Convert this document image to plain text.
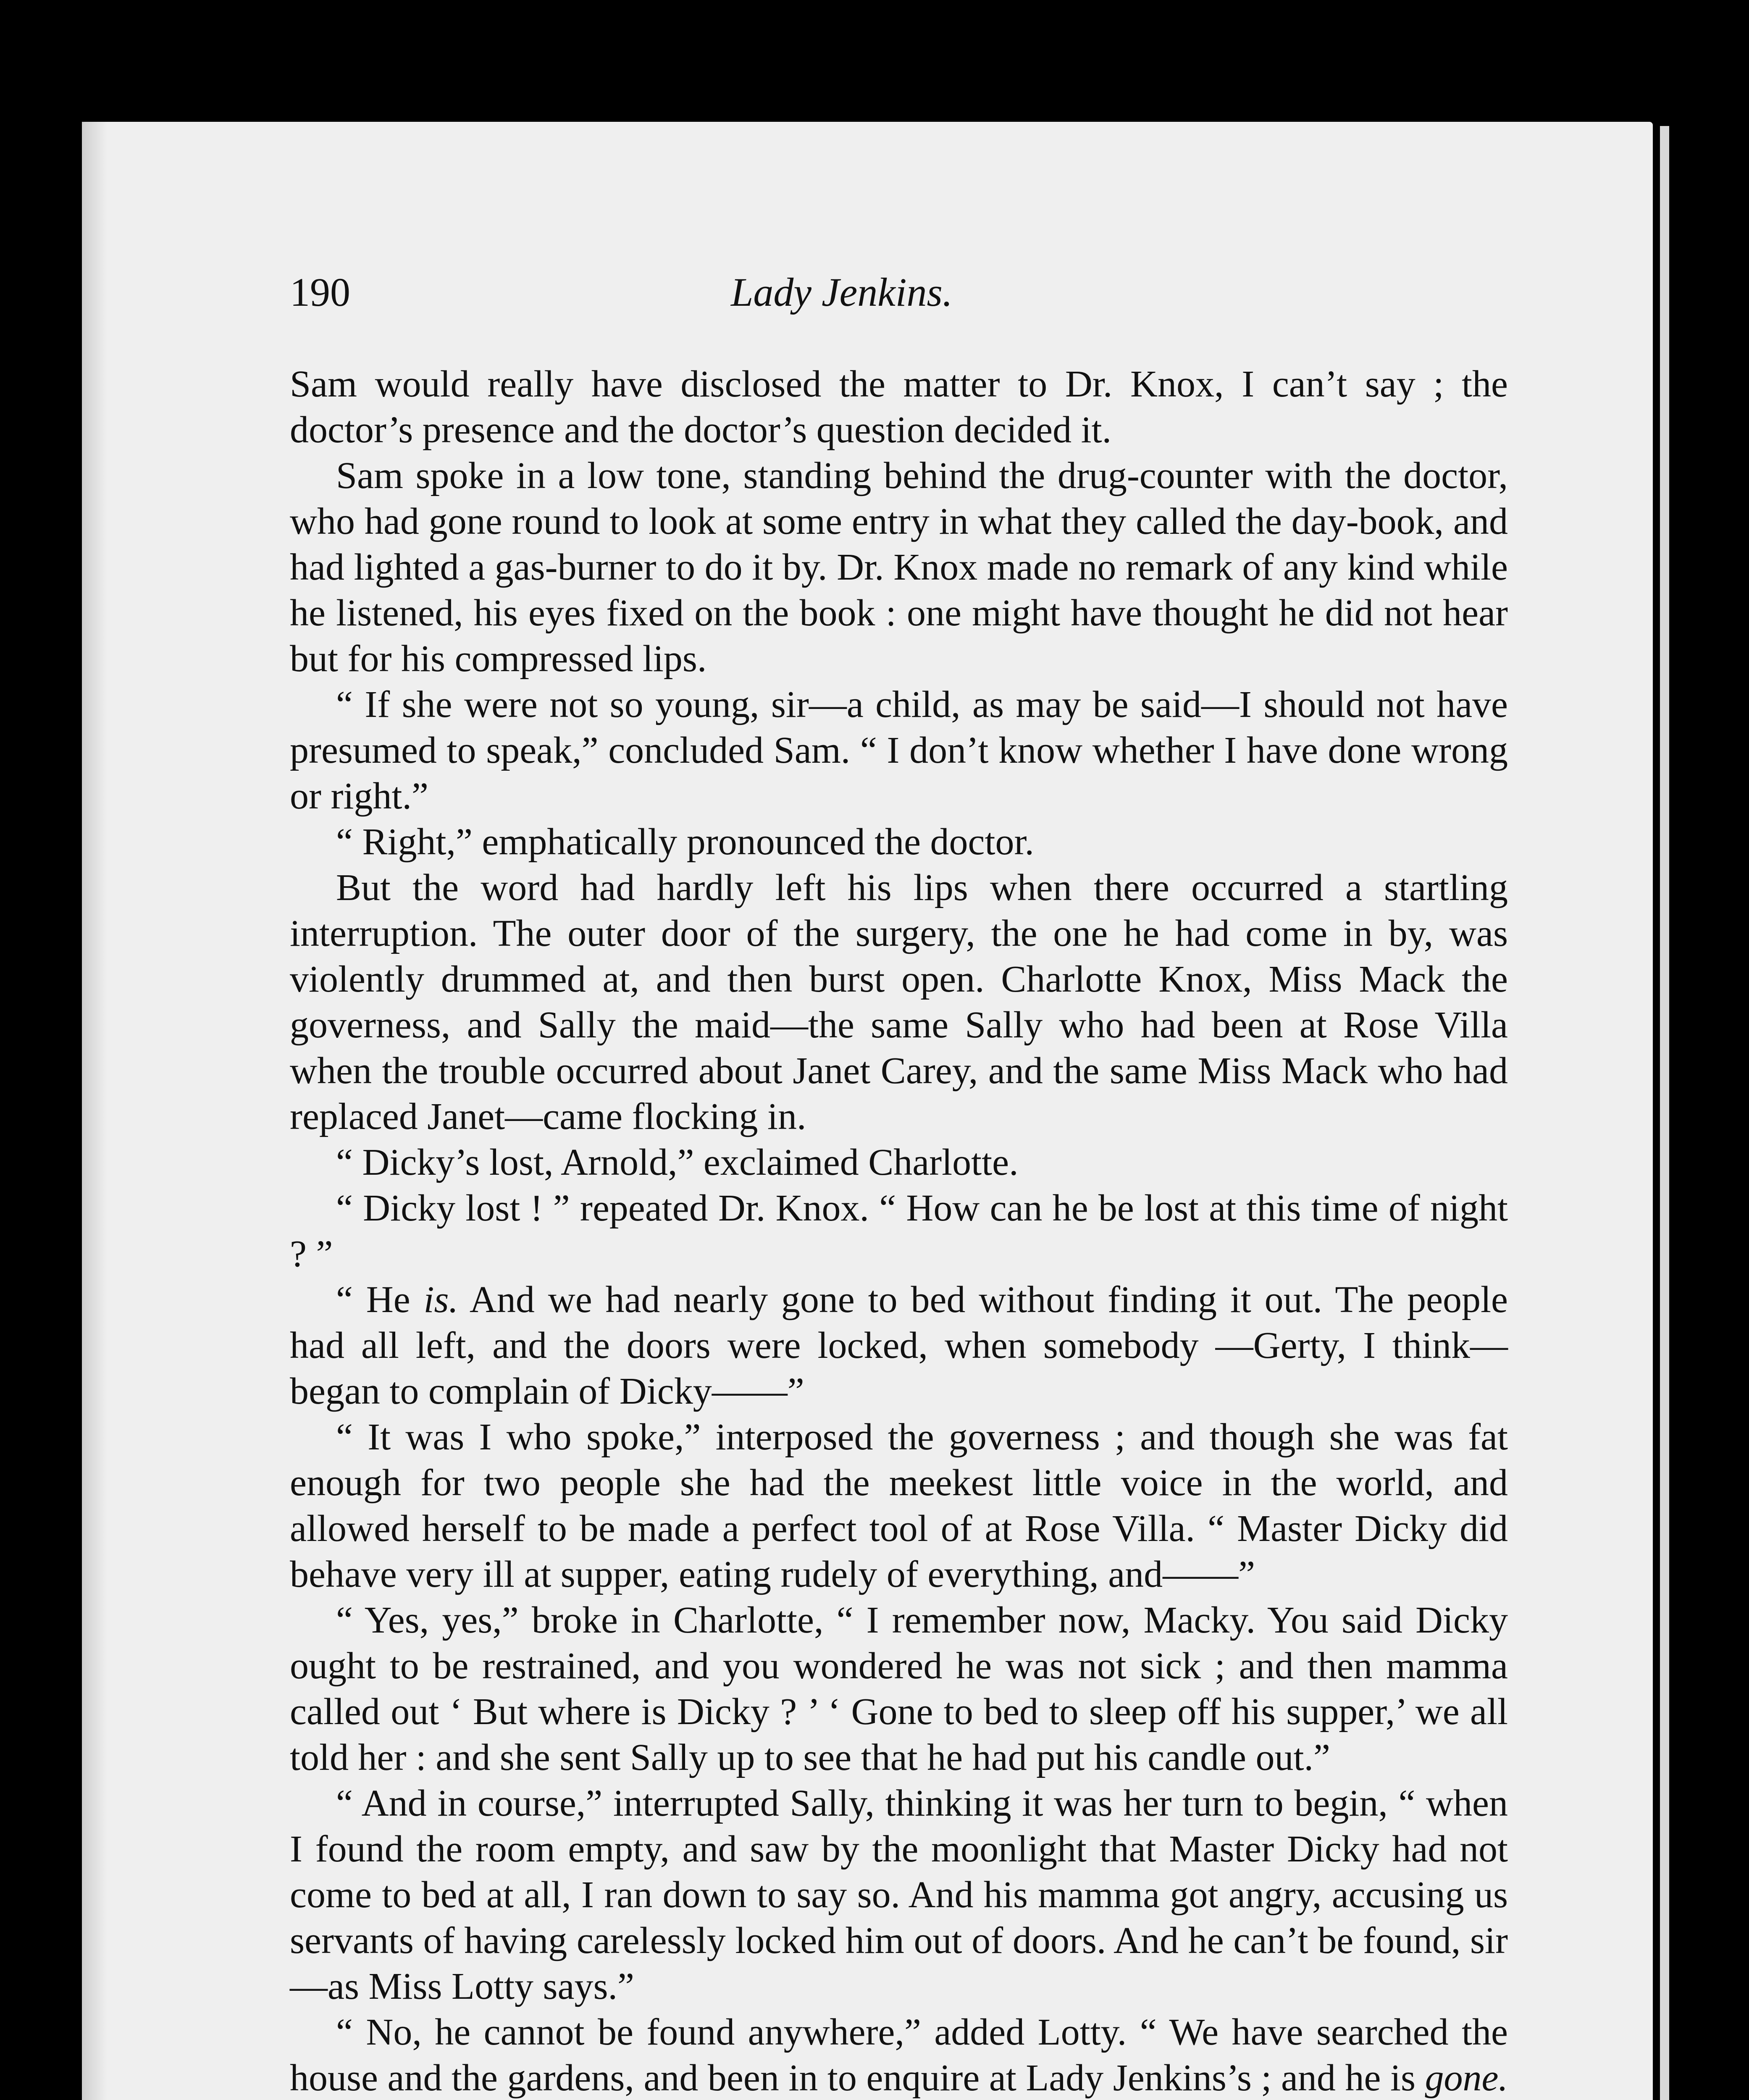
190	Lady Jenkins.

Sam would really have disclosed the matter to Dr. Knox, I can’t say ; the doctor’s presence and the doctor’s question decided it.

Sam spoke in a low tone, standing behind the drug-counter with the doctor, who had gone round to look at some entry in what they called the day-book, and had lighted a gas-burner to do it by. Dr. Knox made no remark of any kind while he listened, his eyes fixed on the book : one might have thought he did not hear but for his compressed lips.

“ If she were not so young, sir—a child, as may be said—I should not have presumed to speak,” concluded Sam. “ I don’t know whether I have done wrong or right.”

“ Right,” emphatically pronounced the doctor.

But the word had hardly left his lips when there occurred a startling interruption. The outer door of the surgery, the one he had come in by, was violently drummed at, and then burst open. Charlotte Knox, Miss Mack the governess, and Sally the maid—the same Sally who had been at Rose Villa when the trouble occurred about Janet Carey, and the same Miss Mack who had replaced Janet—came flocking in.

“ Dicky’s lost, Arnold,” exclaimed Charlotte.

“ Dicky lost ! ” repeated Dr. Knox. “ How can he be lost at this time of night ? ”

“ He is. And we had nearly gone to bed without finding it out. The people had all left, and the doors were locked, when somebody —Gerty, I think—began to complain of Dicky——”

“ It was I who spoke,” interposed the governess ; and though she was fat enough for two people she had the meekest little voice in the world, and allowed herself to be made a perfect tool of at Rose Villa. “ Master Dicky did behave very ill at supper, eating rudely of everything, and——”

“ Yes, yes,” broke in Charlotte, “ I remember now, Macky. You said Dicky ought to be restrained, and you wondered he was not sick ; and then mamma called out ‘ But where is Dicky ? ’ ‘ Gone to bed to sleep off his supper,’ we all told her : and she sent Sally up to see that he had put his candle out.”

“ And in course,” interrupted Sally, thinking it was her turn to begin, “ when I found the room empty, and saw by the moonlight that Master Dicky had not come to bed at all, I ran down to say so. And his mamma got angry, accusing us servants of having carelessly locked him out of doors. And he can’t be found, sir—as Miss Lotty says.”

“ No, he cannot be found anywhere,” added Lotty. “ We have searched the house and the gardens, and been in to enquire at Lady Jenkins’s ; and he is gone.
